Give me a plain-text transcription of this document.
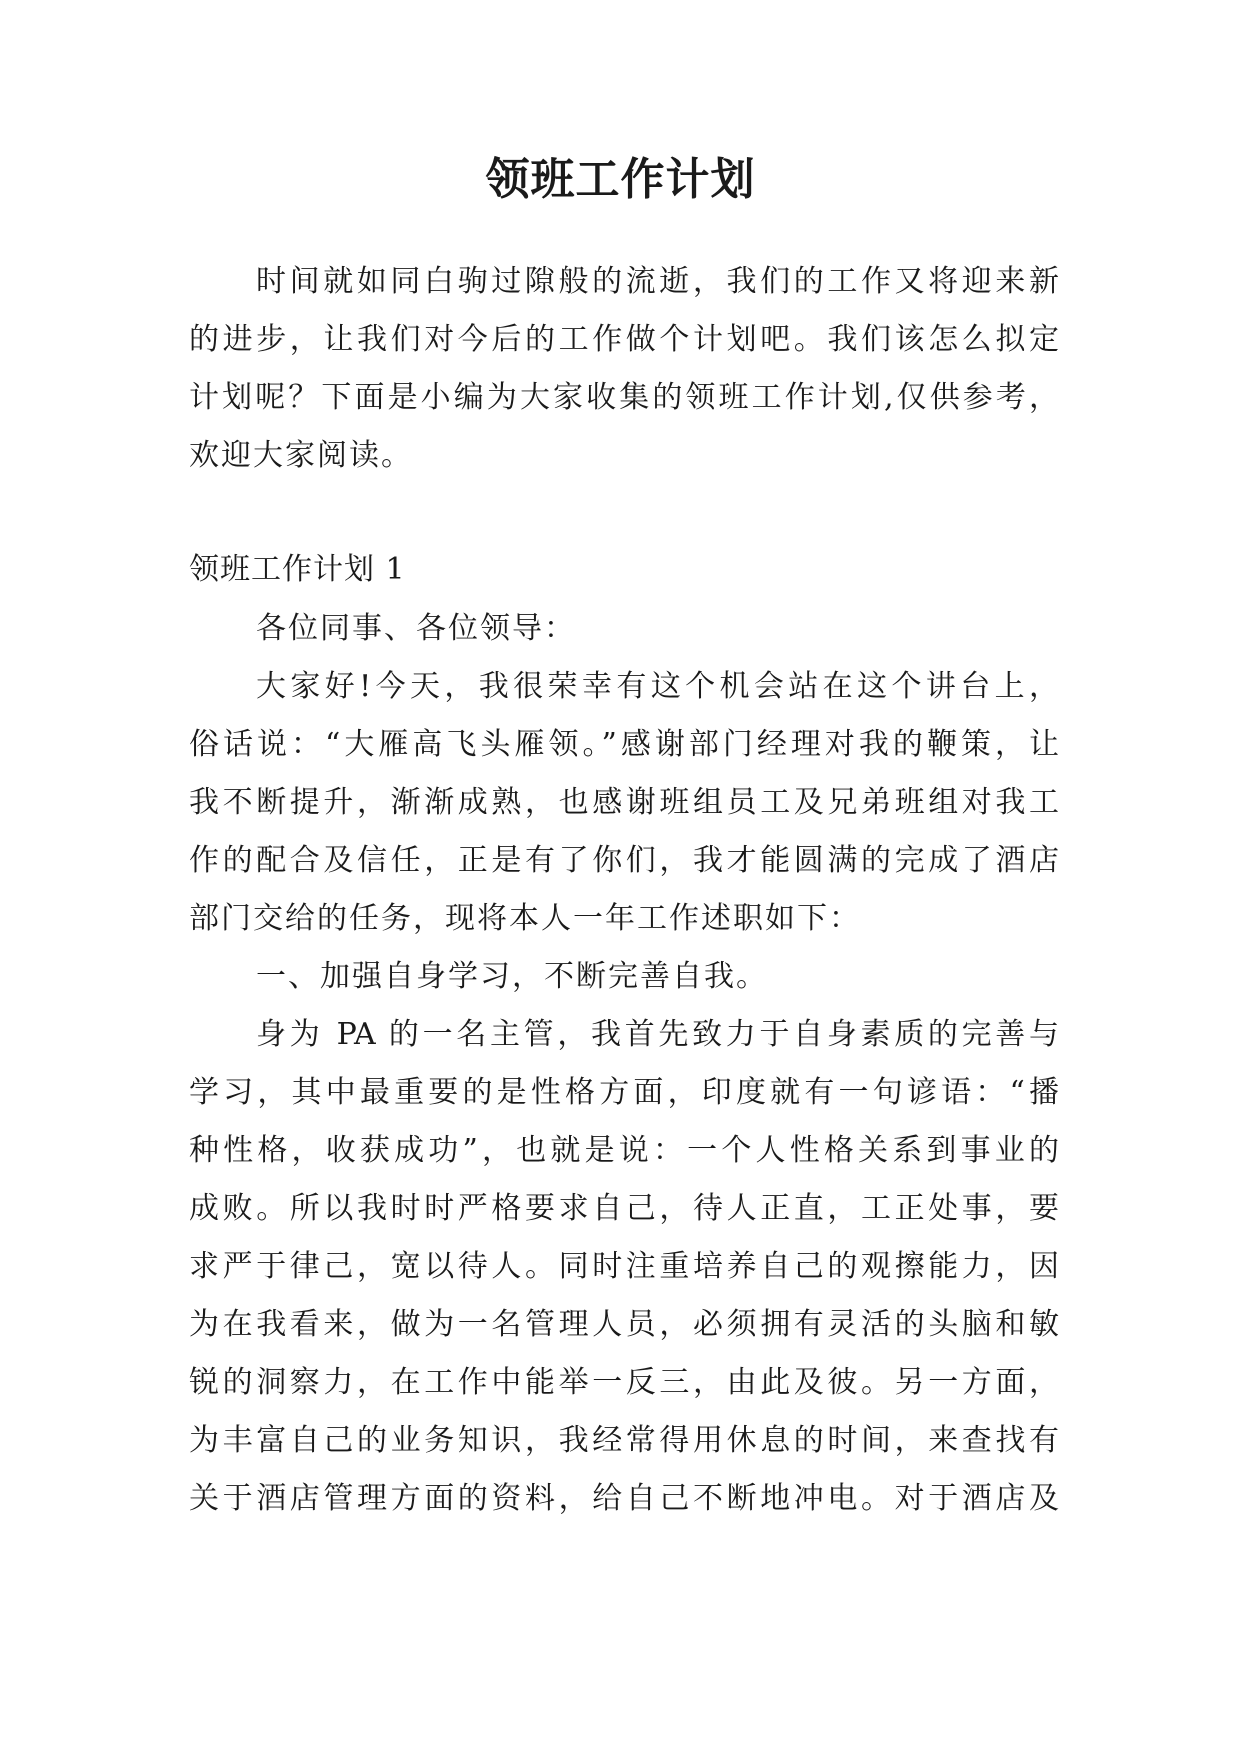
领班工作计划
时间就如同白驹过隙般的流逝，我们的工作又将迎来新
的进步，让我们对今后的工作做个计划吧。我们该怎么拟定
计划呢？下面是小编为大家收集的领班工作计划,仅供参考，
欢迎大家阅读。
领班工作计划 1
各位同事、各位领导：
大家好!今天，我很荣幸有这个机会站在这个讲台上，
俗话说：“大雁高飞头雁领。”感谢部门经理对我的鞭策，让
我不断提升，渐渐成熟，也感谢班组员工及兄弟班组对我工
作的配合及信任，正是有了你们，我才能圆满的完成了酒店
部门交给的任务，现将本人一年工作述职如下：
一、加强自身学习，不断完善自我。
身为 PA 的一名主管，我首先致力于自身素质的完善与
学习，其中最重要的是性格方面，印度就有一句谚语：“播
种性格，收获成功”，也就是说：一个人性格关系到事业的
成败。所以我时时严格要求自己，待人正直，工正处事，要
求严于律己，宽以待人。同时注重培养自己的观擦能力，因
为在我看来，做为一名管理人员，必须拥有灵活的头脑和敏
锐的洞察力，在工作中能举一反三，由此及彼。另一方面，
为丰富自己的业务知识，我经常得用休息的时间，来查找有
关于酒店管理方面的资料，给自己不断地冲电。对于酒店及
